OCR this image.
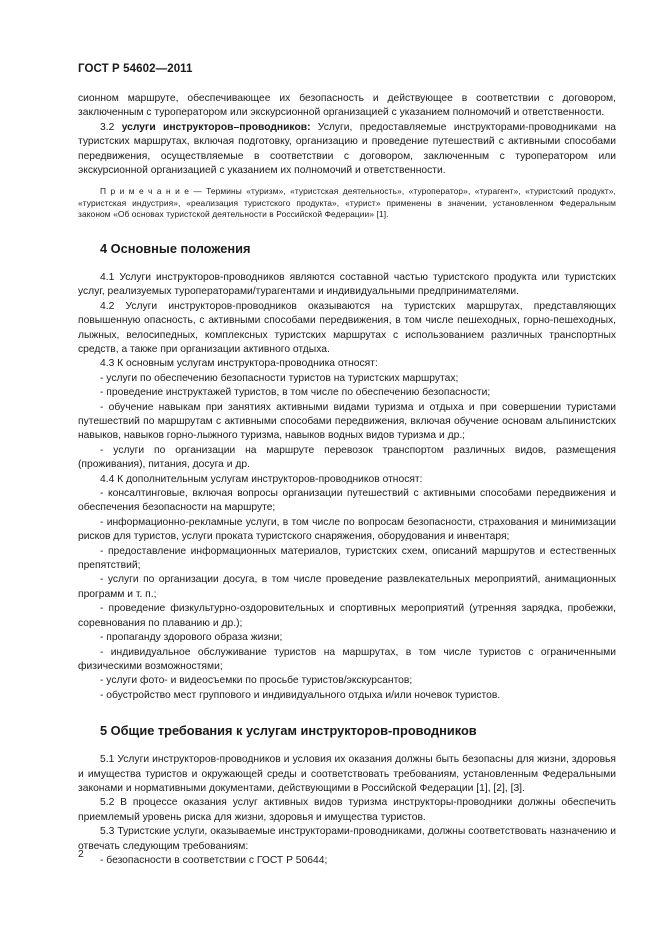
ГОСТ Р 54602—2011

сионном маршруте, обеспечивающее их безопасность и действующее в соответствии с договором, заключенным с туроператором или экскурсионной организацией с указанием полномочий и ответственности.

3.2 услуги инструкторов–проводников: Услуги, предоставляемые инструкторами-проводниками на туристских маршрутах, включая подготовку, организацию и проведение путешествий с активными способами передвижения, осуществляемые в соответствии с договором, заключенным с туроператором или экскурсионной организацией с указанием их полномочий и ответственности.

П р и м е ч а н и е — Термины «туризм», «туристская деятельность», «туроператор», «турагент», «туристский продукт», «туристская индустрия», «реализация туристского продукта», «турист» применены в значении, установленном Федеральным законом «Об основах туристской деятельности в Российской Федерации» [1].

4 Основные положения

4.1 Услуги инструкторов-проводников являются составной частью туристского продукта или туристских услуг, реализуемых туроператорами/турагентами и индивидуальными предпринимателями.

4.2 Услуги инструкторов-проводников оказываются на туристских маршрутах, представляющих повышенную опасность, с активными способами передвижения, в том числе пешеходных, горно-пешеходных, лыжных, велосипедных, комплексных туристских маршрутах с использованием различных транспортных средств, а также при организации активного отдыха.

4.3 К основным услугам инструктора-проводника относят:

- услуги по обеспечению безопасности туристов на туристских маршрутах;

- проведение инструктажей туристов, в том числе по обеспечению безопасности;

- обучение навыкам при занятиях активными видами туризма и отдыха и при совершении туристами путешествий по маршрутам с активными способами передвижения, включая обучение основам альпинистских навыков, навыков горно-лыжного туризма, навыков водных видов туризма и др.;

- услуги по организации на маршруте перевозок транспортом различных видов, размещения (проживания), питания, досуга и др.

4.4 К дополнительным услугам инструкторов-проводников относят:

- консалтинговые, включая вопросы организации путешествий с активными способами передвижения и обеспечения безопасности на маршруте;

- информационно-рекламные услуги, в том числе по вопросам безопасности, страхования и минимизации рисков для туристов, услуги проката туристского снаряжения, оборудования и инвентаря;

- предоставление информационных материалов, туристских схем, описаний маршрутов и естественных препятствий;

- услуги по организации досуга, в том числе проведение развлекательных мероприятий, анимационных программ и т. п.;

- проведение физкультурно-оздоровительных и спортивных мероприятий (утренняя зарядка, пробежки, соревнования по плаванию и др.);

- пропаганду здорового образа жизни;

- индивидуальное обслуживание туристов на маршрутах, в том числе туристов с ограниченными физическими возможностями;

- услуги фото- и видеосъемки по просьбе туристов/экскурсантов;

- обустройство мест группового и индивидуального отдыха и/или ночевок туристов.

5 Общие требования к услугам инструкторов-проводников

5.1 Услуги инструкторов-проводников и условия их оказания должны быть безопасны для жизни, здоровья и имущества туристов и окружающей среды и соответствовать требованиям, установленным Федеральными законами и нормативными документами, действующими в Российской Федерации [1], [2], [3].

5.2 В процессе оказания услуг активных видов туризма инструкторы-проводники должны обеспечить приемлемый уровень риска для жизни, здоровья и имущества туристов.

5.3 Туристские услуги, оказываемые инструкторами-проводниками, должны соответствовать назначению и отвечать следующим требованиям:

- безопасности в соответствии с ГОСТ Р 50644;

2
